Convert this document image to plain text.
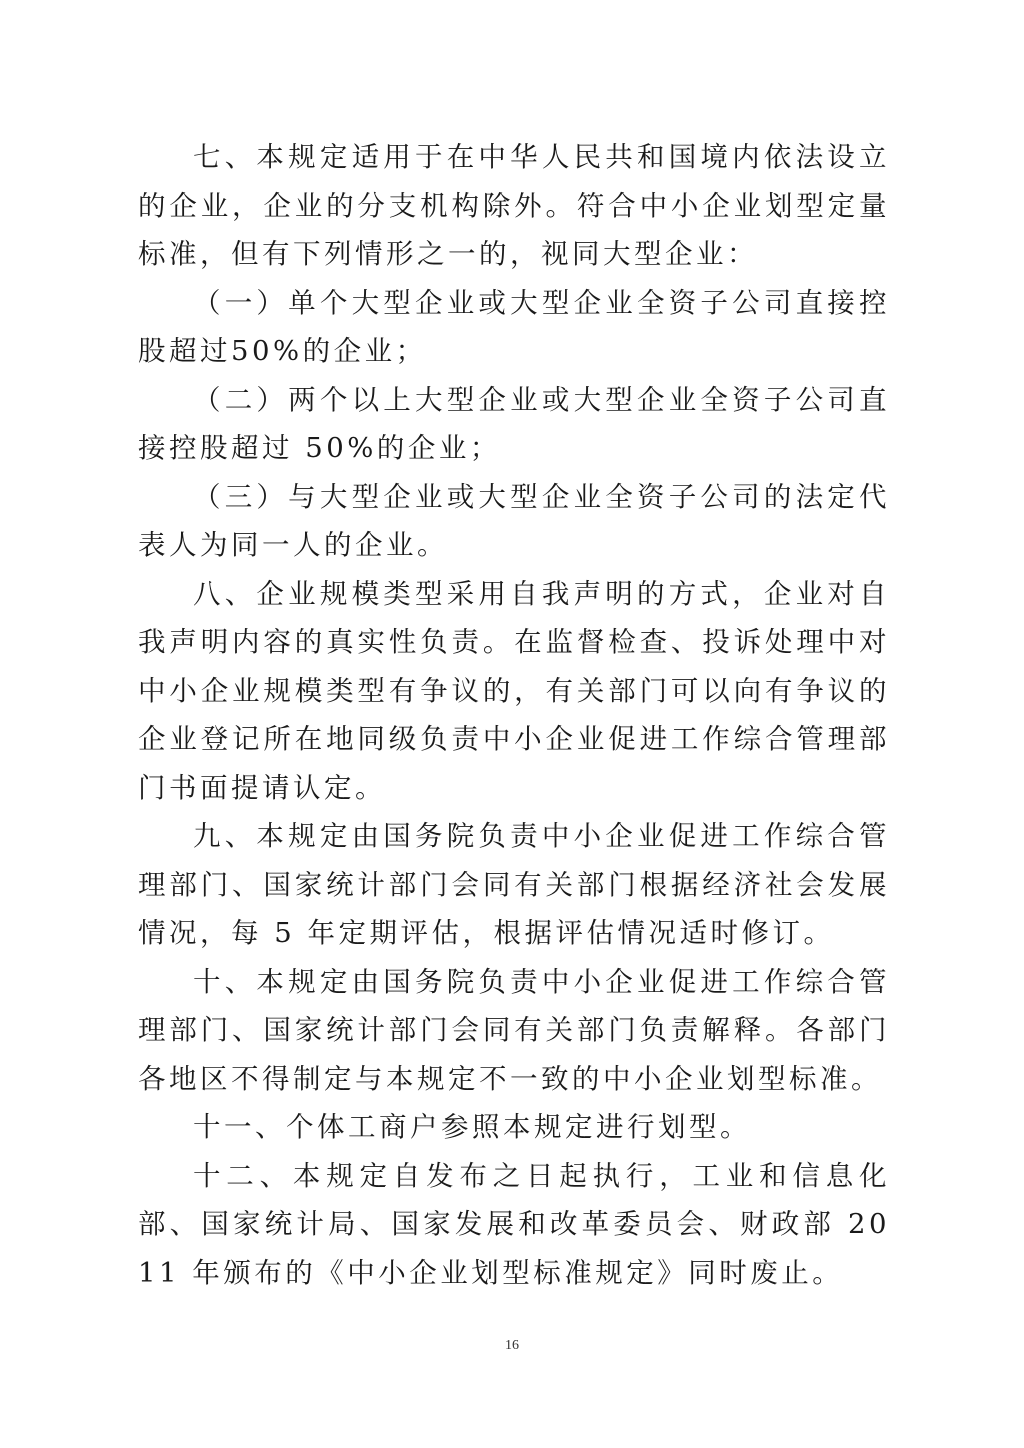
七、本规定适用于在中华人民共和国境内依法设立的企业，企业的分支机构除外。符合中小企业划型定量标准，但有下列情形之一的，视同大型企业：

（一）单个大型企业或大型企业全资子公司直接控股超过50%的企业；

（二）两个以上大型企业或大型企业全资子公司直接控股超过 50%的企业；

（三）与大型企业或大型企业全资子公司的法定代表人为同一人的企业。

八、企业规模类型采用自我声明的方式，企业对自我声明内容的真实性负责。在监督检查、投诉处理中对中小企业规模类型有争议的，有关部门可以向有争议的企业登记所在地同级负责中小企业促进工作综合管理部门书面提请认定。

九、本规定由国务院负责中小企业促进工作综合管理部门、国家统计部门会同有关部门根据经济社会发展情况，每 5 年定期评估，根据评估情况适时修订。

十、本规定由国务院负责中小企业促进工作综合管理部门、国家统计部门会同有关部门负责解释。各部门各地区不得制定与本规定不一致的中小企业划型标准。

十一、个体工商户参照本规定进行划型。

十二、本规定自发布之日起执行，工业和信息化部、国家统计局、国家发展和改革委员会、财政部 2011 年颁布的《中小企业划型标准规定》同时废止。

16
